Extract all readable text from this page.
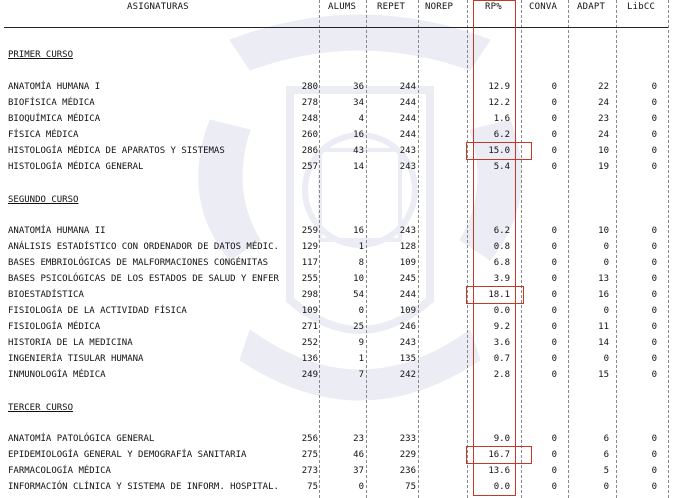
ASIGNATURAS	ALUMS REPET NOREP	RP%	CONVA ADAPT LibCC
PRIMER CURSO
SEGUNDO CURSO
TERCER CURSO
ANATOMÍA HUMANA I	280	36	244	12.9	0	22	0
BIOFÍSICA MÉDICA	278	34	244	12.2	0	24	0
BIOQUÍMICA MÉDICA	248	4	244	1.6	0	23	0
FÍSICA MÉDICA	260	16	244	6.2	0	24	0
HISTOLOGÍA MÉDICA DE APARATOS Y SISTEMAS	286	43	243	15.0	0	10	0
HISTOLOGÍA MÉDICA GENERAL	257	14	243	5.4	0	19	0
ANATOMÍA HUMANA II	259	16	243	6.2	0	10	0
ANÁLISIS ESTADÍSTICO CON ORDENADOR DE DATOS MÉDIC.	129	1	128	0.8	0	0	0
BASES EMBRIOLÓGICAS DE MALFORMACIONES CONGÉNITAS	117	8	109	6.8	0	0	0
BASES PSICOLÓGICAS DE LOS ESTADOS DE SALUD Y ENFER	255	10	245	3.9	0	13	0
BIOESTADÍSTICA	298	54	244	18.1	0	16	0
FISIOLOGÍA DE LA ACTIVIDAD FÍSICA	109	0	109	0.0	0	0	0
FISIOLOGÍA MÉDICA	271	25	246	9.2	0	11	0
HISTORIA DE LA MEDICINA	252	9	243	3.6	0	14	0
INGENIERÍA TISULAR HUMANA	136	1	135	0.7	0	0	0
INMUNOLOGÍA MÉDICA	249	7	242	2.8	0	15	0
ANATOMÍA PATOLÓGICA GENERAL	256	23	233	9.0	0	6	0
EPIDEMIOLOGÍA GENERAL Y DEMOGRAFÍA SANITARIA	275	46	229	16.7	0	6	0
FARMACOLOGÍA MÉDICA	273	37	236	13.6	0	5	0
INFORMACIÓN CLÍNICA Y SISTEMA DE INFORM. HOSPITAL.	75	0	75	0.0	0	0	0
